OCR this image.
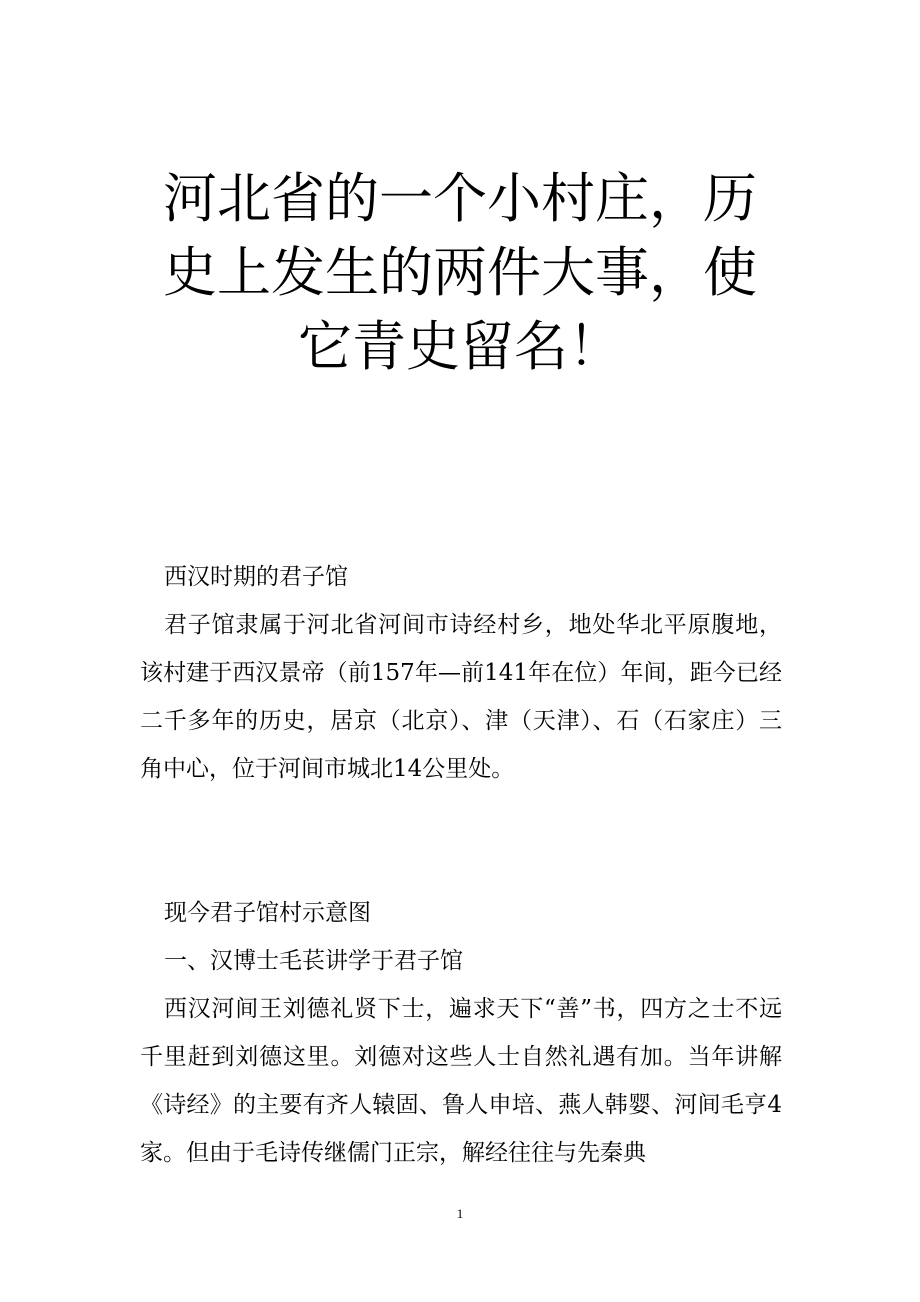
河北省的一个小村庄，历史上发生的两件大事，使它青史留名！

西汉时期的君子馆

君子馆隶属于河北省河间市诗经村乡，地处华北平原腹地，该村建于西汉景帝（前157年—前141年在位）年间，距今已经二千多年的历史，居京（北京）、津（天津）、石（石家庄）三角中心，位于河间市城北14公里处。

现今君子馆村示意图

一、汉博士毛苌讲学于君子馆

西汉河间王刘德礼贤下士，遍求天下“善”书，四方之士不远千里赶到刘德这里。刘德对这些人士自然礼遇有加。当年讲解《诗经》的主要有齐人辕固、鲁人申培、燕人韩婴、河间毛亨4家。但由于毛诗传继儒门正宗，解经往往与先秦典

1
